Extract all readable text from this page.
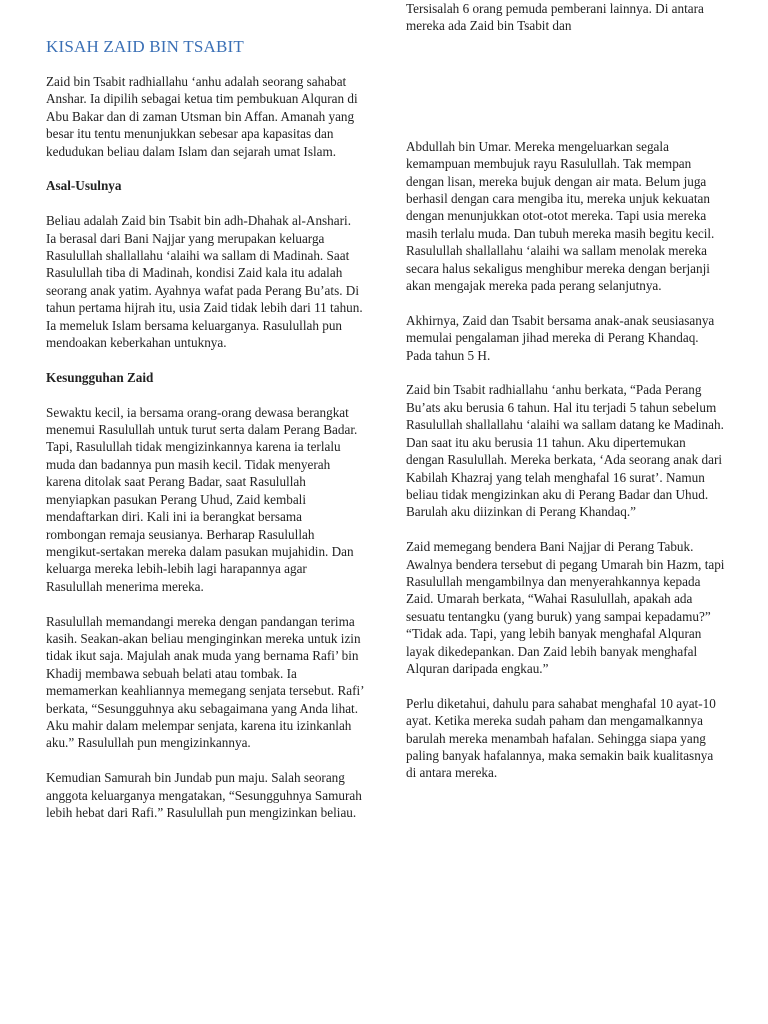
KISAH ZAID BIN TSABIT

Zaid bin Tsabit radhiallahu ‘anhu adalah seorang sahabat Anshar. Ia dipilih sebagai ketua tim pembukuan Alquran di Abu Bakar dan di zaman Utsman bin Affan. Amanah yang besar itu tentu menunjukkan sebesar apa kapasitas dan kedudukan beliau dalam Islam dan sejarah umat Islam.

Asal-Usulnya

Beliau adalah Zaid bin Tsabit bin adh-Dhahak al-Anshari. Ia berasal dari Bani Najjar yang merupakan keluarga Rasulullah shallallahu ‘alaihi wa sallam di Madinah. Saat Rasulullah tiba di Madinah, kondisi Zaid kala itu adalah seorang anak yatim. Ayahnya wafat pada Perang Bu’ats. Di tahun pertama hijrah itu, usia Zaid tidak lebih dari 11 tahun. Ia memeluk Islam bersama keluarganya. Rasulullah pun mendoakan keberkahan untuknya.

Kesungguhan Zaid

Sewaktu kecil, ia bersama orang-orang dewasa berangkat menemui Rasulullah untuk turut serta dalam Perang Badar. Tapi, Rasulullah tidak mengizinkannya karena ia terlalu muda dan badannya pun masih kecil. Tidak menyerah karena ditolak saat Perang Badar, saat Rasulullah menyiapkan pasukan Perang Uhud, Zaid kembali mendaftarkan diri. Kali ini ia berangkat bersama rombongan remaja seusianya. Berharap Rasulullah mengikut-sertakan mereka dalam pasukan mujahidin. Dan keluarga mereka lebih-lebih lagi harapannya agar Rasulullah menerima mereka.

Rasulullah memandangi mereka dengan pandangan terima kasih. Seakan-akan beliau menginginkan mereka untuk izin tidak ikut saja. Majulah anak muda yang bernama Rafi’ bin Khadij membawa sebuah belati atau tombak. Ia memamerkan keahliannya memegang senjata tersebut. Rafi’ berkata, “Sesungguhnya aku sebagaimana yang Anda lihat. Aku mahir dalam melempar senjata, karena itu izinkanlah aku.” Rasulullah pun mengizinkannya.

Kemudian Samurah bin Jundab pun maju. Salah seorang anggota keluarganya mengatakan, “Sesungguhnya Samurah lebih hebat dari Rafi.” Rasulullah pun mengizinkan beliau.

Tersisalah 6 orang pemuda pemberani lainnya. Di antara mereka ada Zaid bin Tsabit dan

Abdullah bin Umar. Mereka mengeluarkan segala kemampuan membujuk rayu Rasulullah. Tak mempan dengan lisan, mereka bujuk dengan air mata. Belum juga berhasil dengan cara mengiba itu, mereka unjuk kekuatan dengan menunjukkan otot-otot mereka. Tapi usia mereka masih terlalu muda. Dan tubuh mereka masih begitu kecil. Rasulullah shallallahu ‘alaihi wa sallam menolak mereka secara halus sekaligus menghibur mereka dengan berjanji akan mengajak mereka pada perang selanjutnya.

Akhirnya, Zaid dan Tsabit bersama anak-anak seusiasanya memulai pengalaman jihad mereka di Perang Khandaq. Pada tahun 5 H.

Zaid bin Tsabit radhiallahu ‘anhu berkata, “Pada Perang Bu’ats aku berusia 6 tahun. Hal itu terjadi 5 tahun sebelum Rasulullah shallallahu ‘alaihi wa sallam datang ke Madinah. Dan saat itu aku berusia 11 tahun. Aku dipertemukan dengan Rasulullah. Mereka berkata, ‘Ada seorang anak dari Kabilah Khazraj yang telah menghafal 16 surat’. Namun beliau tidak mengizinkan aku di Perang Badar dan Uhud. Barulah aku diizinkan di Perang Khandaq.”

Zaid memegang bendera Bani Najjar di Perang Tabuk. Awalnya bendera tersebut di pegang Umarah bin Hazm, tapi Rasulullah mengambilnya dan menyerahkannya kepada Zaid. Umarah berkata, “Wahai Rasulullah, apakah ada sesuatu tentangku (yang buruk) yang sampai kepadamu?” “Tidak ada. Tapi, yang lebih banyak menghafal Alquran layak dikedepankan. Dan Zaid lebih banyak menghafal Alquran daripada engkau.”

Perlu diketahui, dahulu para sahabat menghafal 10 ayat-10 ayat. Ketika mereka sudah paham dan mengamalkannya barulah mereka menambah hafalan. Sehingga siapa yang paling banyak hafalannya, maka semakin baik kualitasnya di antara mereka.
